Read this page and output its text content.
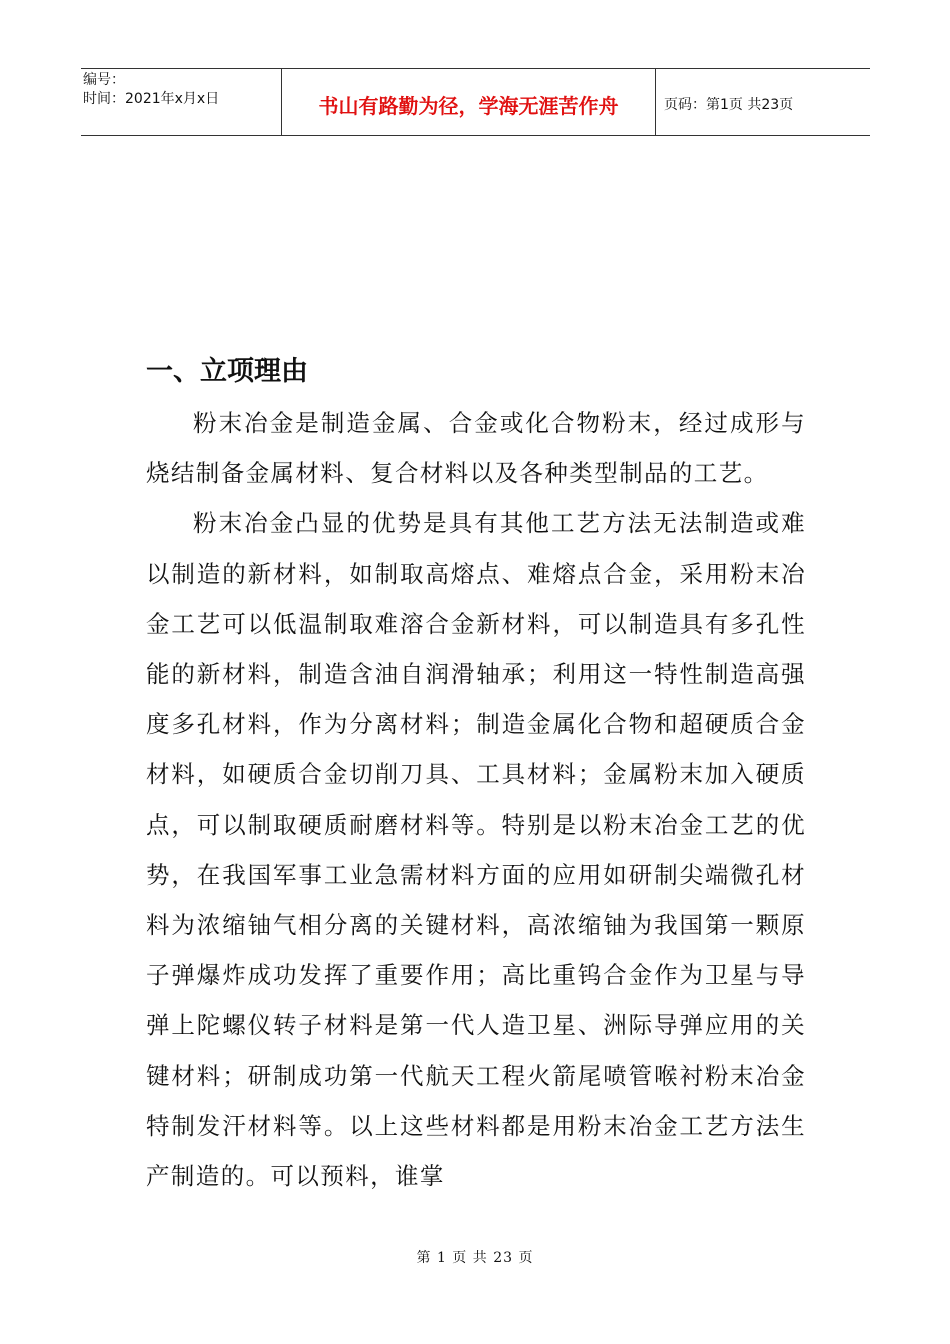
编号：
时间：2021年x月x日	书山有路勤为径，学海无涯苦作舟	页码：第1页 共23页
一、立项理由

粉末冶金是制造金属、合金或化合物粉末，经过成形与烧结制备金属材料、复合材料以及各种类型制品的工艺。

粉末冶金凸显的优势是具有其他工艺方法无法制造或难以制造的新材料，如制取高熔点、难熔点合金，采用粉末冶金工艺可以低温制取难溶合金新材料，可以制造具有多孔性能的新材料，制造含油自润滑轴承；利用这一特性制造高强度多孔材料，作为分离材料；制造金属化合物和超硬质合金材料，如硬质合金切削刀具、工具材料；金属粉末加入硬质点，可以制取硬质耐磨材料等。特别是以粉末冶金工艺的优势，在我国军事工业急需材料方面的应用如研制尖端微孔材料为浓缩铀气相分离的关键材料，高浓缩铀为我国第一颗原子弹爆炸成功发挥了重要作用；高比重钨合金作为卫星与导弹上陀螺仪转子材料是第一代人造卫星、洲际导弹应用的关键材料；研制成功第一代航天工程火箭尾喷管喉衬粉末冶金特制发汗材料等。以上这些材料都是用粉末冶金工艺方法生产制造的。可以预料，谁掌

第 1 页 共 23 页
